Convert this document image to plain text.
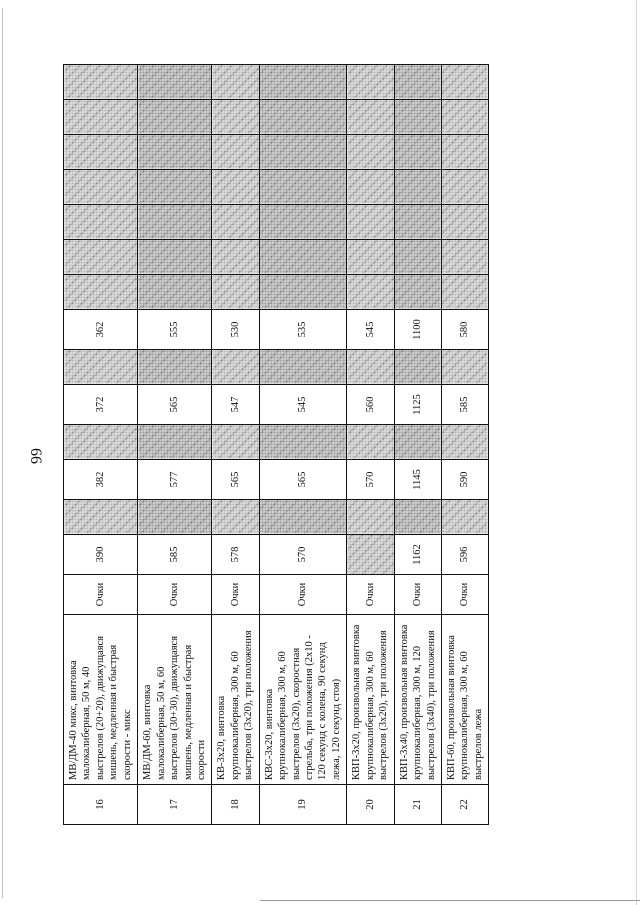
66
16	МВ/ДМ-40 микс, винтовка малокалиберная, 50 м, 40 выстрелов (20+20), движущаяся мишень, медленная и быстрая скорости - микс	Очки	390		382		372		362							
17	МВ/ДМ-60, винтовка малокалиберная, 50 м, 60 выстрелов (30+30), движущаяся мишень, медленная и быстрая скорости	Очки	585		577		565		555							
18	КВ-3х20, винтовка крупнокалиберная, 300 м, 60 выстрелов (3х20), три положения	Очки	578		565		547		530							
19	КВС-3х20, винтовка крупнокалиберная, 300 м, 60 выстрелов (3х20), скоростная стрельба, три положения (2х10 - 120 секунд с колена, 90 секунд лежа, 120 секунд стоя)	Очки	570		565		545		535							
20	КВП-3х20, произвольная винтовка крупнокалиберная, 300 м, 60 выстрелов (3х20), три положения	Очки			570		560		545							
21	КВП-3х40, произвольная винтовка крупнокалиберная, 300 м, 120 выстрелов (3х40), три положения	Очки	1162		1145		1125		1100							
22	КВП-60, произвольная винтовка крупнокалиберная, 300 м, 60 выстрелов лежа	Очки	596		590		585		580							
